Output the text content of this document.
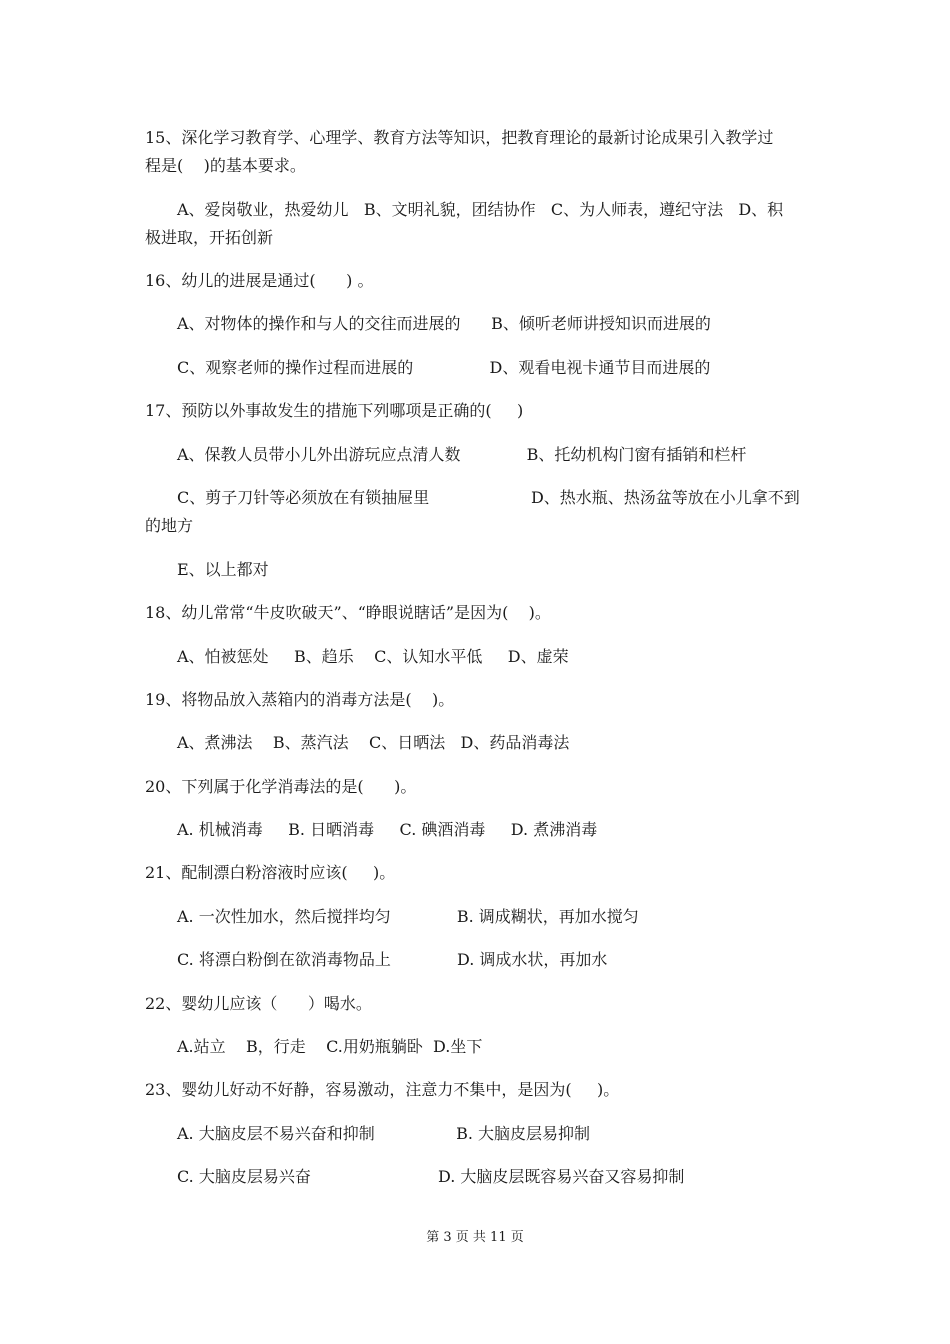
15、深化学习教育学、心理学、教育方法等知识，把教育理论的最新讨论成果引入教学过
程是(    )的基本要求。
A、爱岗敬业，热爱幼儿   B、文明礼貌，团结协作   C、为人师表，遵纪守法   D、积
极进取，开拓创新
16、幼儿的进展是通过(      ) 。
A、对物体的操作和与人的交往而进展的      B、倾听老师讲授知识而进展的
C、观察老师的操作过程而进展的               D、观看电视卡通节目而进展的
17、预防以外事故发生的措施下列哪项是正确的(     )
A、保教人员带小儿外出游玩应点清人数             B、托幼机构门窗有插销和栏杆
C、剪子刀针等必须放在有锁抽屉里                    D、热水瓶、热汤盆等放在小儿拿不到
的地方
E、以上都对
18、幼儿常常“牛皮吹破天”、“睁眼说瞎话”是因为(    )。
A、怕被惩处     B、趋乐    C、认知水平低     D、虚荣
19、将物品放入蒸箱内的消毒方法是(    )。
A、煮沸法    B、蒸汽法    C、日晒法   D、药品消毒法
20、下列属于化学消毒法的是(      )。
A. 机械消毒     B. 日晒消毒     C. 碘酒消毒     D. 煮沸消毒
21、配制漂白粉溶液时应该(     )。
A. 一次性加水，然后搅拌均匀             B. 调成糊状，再加水搅匀
C. 将漂白粉倒在欲消毒物品上             D. 调成水状，再加水
22、婴幼儿应该（      ）喝水。
A.站立    B，行走    C.用奶瓶躺卧  D.坐下
23、婴幼儿好动不好静，容易激动，注意力不集中，是因为(     )。
A. 大脑皮层不易兴奋和抑制                B. 大脑皮层易抑制
C. 大脑皮层易兴奋                         D. 大脑皮层既容易兴奋又容易抑制
第 3 页 共 11 页
